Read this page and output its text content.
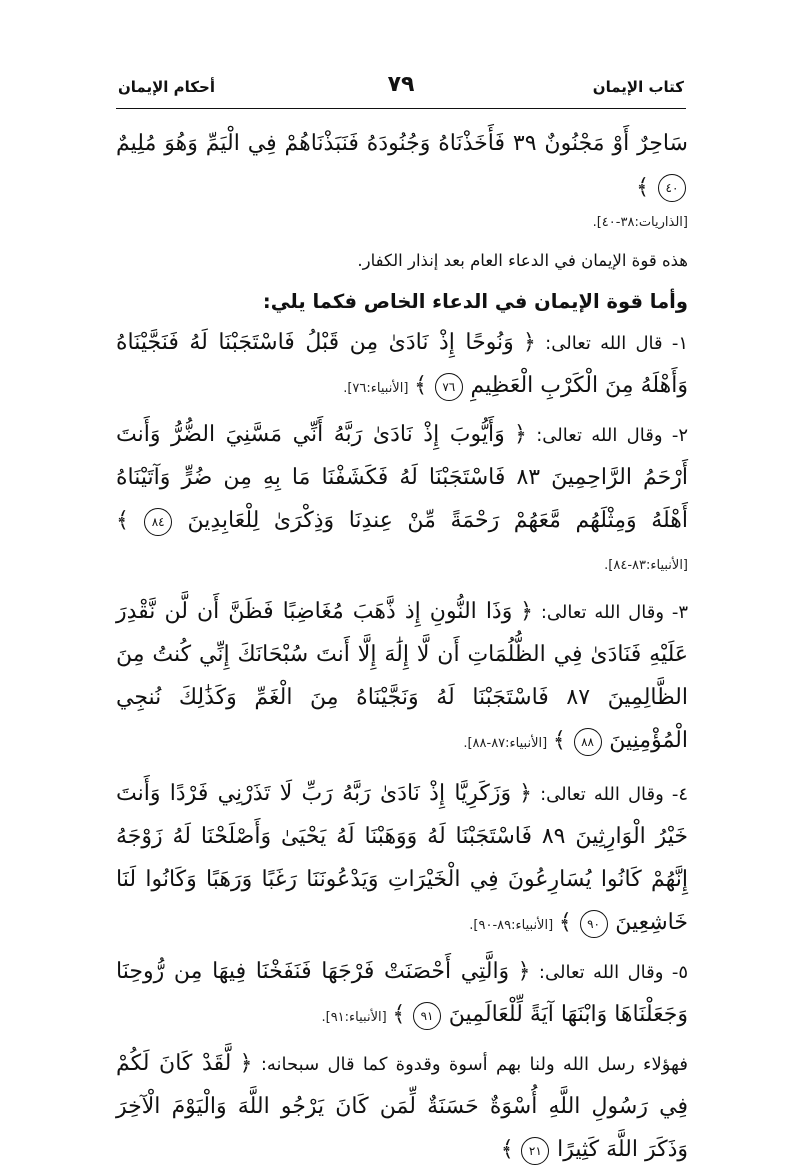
كتاب الإيمان
٧٩
أحكام الإيمان

سَاحِرٌ أَوْ مَجْنُونٌ ٣٩ فَأَخَذْنَاهُ وَجُنُودَهُ فَنَبَذْنَاهُمْ فِي الْيَمِّ وَهُوَ مُلِيمٌ ٤٠ ﴾

[الذاريات:٣٨-٤٠].

هذه قوة الإيمان في الدعاء العام بعد إنذار الكفار.

وأما قوة الإيمان في الدعاء الخاص فكما يلي:

١- قال الله تعالى: ﴿ وَنُوحًا إِذْ نَادَىٰ مِن قَبْلُ فَاسْتَجَبْنَا لَهُ فَنَجَّيْنَاهُ وَأَهْلَهُ مِنَ الْكَرْبِ الْعَظِيمِ ٧٦ ﴾ [الأنبياء:٧٦].

٢- وقال الله تعالى: ﴿ وَأَيُّوبَ إِذْ نَادَىٰ رَبَّهُ أَنِّي مَسَّنِيَ الضُّرُّ وَأَنتَ أَرْحَمُ الرَّاحِمِينَ ٨٣ فَاسْتَجَبْنَا لَهُ فَكَشَفْنَا مَا بِهِ مِن ضُرٍّ وَآتَيْنَاهُ أَهْلَهُ وَمِثْلَهُم مَّعَهُمْ رَحْمَةً مِّنْ عِندِنَا وَذِكْرَىٰ لِلْعَابِدِينَ ٨٤ ﴾ [الأنبياء:٨٣-٨٤].

٣- وقال الله تعالى: ﴿ وَذَا النُّونِ إِذ ذَّهَبَ مُغَاضِبًا فَظَنَّ أَن لَّن نَّقْدِرَ عَلَيْهِ فَنَادَىٰ فِي الظُّلُمَاتِ أَن لَّا إِلَٰهَ إِلَّا أَنتَ سُبْحَانَكَ إِنِّي كُنتُ مِنَ الظَّالِمِينَ ٨٧ فَاسْتَجَبْنَا لَهُ وَنَجَّيْنَاهُ مِنَ الْغَمِّ وَكَذَٰلِكَ نُنجِي الْمُؤْمِنِينَ ٨٨ ﴾ [الأنبياء:٨٧-٨٨].

٤- وقال الله تعالى: ﴿ وَزَكَرِيَّا إِذْ نَادَىٰ رَبَّهُ رَبِّ لَا تَذَرْنِي فَرْدًا وَأَنتَ خَيْرُ الْوَارِثِينَ ٨٩ فَاسْتَجَبْنَا لَهُ وَوَهَبْنَا لَهُ يَحْيَىٰ وَأَصْلَحْنَا لَهُ زَوْجَهُ إِنَّهُمْ كَانُوا يُسَارِعُونَ فِي الْخَيْرَاتِ وَيَدْعُونَنَا رَغَبًا وَرَهَبًا وَكَانُوا لَنَا خَاشِعِينَ ٩٠ ﴾ [الأنبياء:٨٩-٩٠].

٥- وقال الله تعالى: ﴿ وَالَّتِي أَحْصَنَتْ فَرْجَهَا فَنَفَخْنَا فِيهَا مِن رُّوحِنَا وَجَعَلْنَاهَا وَابْنَهَا آيَةً لِّلْعَالَمِينَ ٩١ ﴾ [الأنبياء:٩١].

فهؤلاء رسل الله ولنا بهم أسوة وقدوة كما قال سبحانه: ﴿ لَّقَدْ كَانَ لَكُمْ فِي رَسُولِ اللَّهِ أُسْوَةٌ حَسَنَةٌ لِّمَن كَانَ يَرْجُو اللَّهَ وَالْيَوْمَ الْآخِرَ وَذَكَرَ اللَّهَ كَثِيرًا ٢١ ﴾
